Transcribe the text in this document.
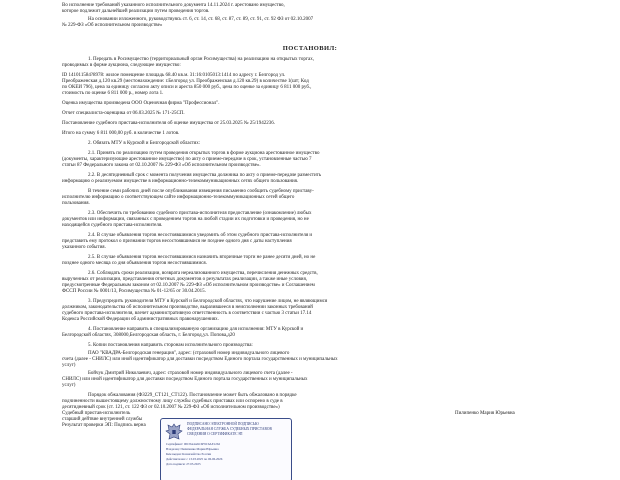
Во исполнение требований указанного исполнительного документа 14.11.2024 г. арестовано имущество,
которое подлежит дальнейшей реализации путем проведения торгов.
На основании изложенного, руководствуясь ст. 6, ст. 14, ст. 68, ст. 87, ст. 89, ст. 91, ст. 92 ФЗ от 02.10.2007
№ 229-ФЗ «Об исполнительном производстве»
ПОСТАНОВИЛ:
1. Передать в Росимущество (территориальный орган Росимущества) на реализацию на открытых торгах,
проводимых в форме аукциона, следующее имущество:
ID 141011584?8978: жилое помещение площадь 68.40 кв.м. 31:16:0105013:1414 по адресу г. Белгород ул.
Преображенская д.120 кв.29 (местонахождение: г.Белгород ул. Преображенская д.120 кв.29) в количестве 1(шт; Код
по ОКЕИ 796), цена за единицу согласно акту описи и ареста 850 000 руб., цена по оценке за единицу 6 811 000 руб.,
стоимость по оценке 6 811 000 р., номер лота 1.
Оценка имущества произведена ООО Оценочная фирма "Профессионал".
Отчет специалиста-оценщика от 06.03.2025 № 171-25СП.
Постановление судебного пристава-исполнителя об оценке имущества от 25.03.2025 № 25/1942236.
Итого на сумму 6 811 000,00 руб. в количестве 1 лотов.
2. Обязать МТУ в Курской и Белгородской областях:
2.1. Принять по реализацию путем проведения открытых торгов в форме аукциона арестованное имущество
(документы, характеризующие арестованное имущество) по акту о приеме-передаче в срок, установленные частью 7
статьи 87 Федерального закона от 02.10.2007 № 229-ФЗ «Об исполнительном производстве».
2.2. В десятидневный срок с момента получения имущества должника по акту о приеме-передаче разместить
информацию о реализуемом имуществе в информационно-телекоммуникационных сетях общего пользования.
В течение семи рабочих дней после опубликования извещения письменно сообщить судебному приставу-
исполнителю информацию о соответствующем сайте информационно-телекоммуникационных сетей общего
пользования.
2.3. Обеспечить по требованию судебного пристава-исполнителя предоставление (ознакомление) любых
документов или информации, связанных с проведением торгов на любой стадии их подготовки и проведения, но не
находящейся судебного пристава-исполнителя.
2.4. В случае объявления торгов несостоявшимися уведомить об этом судебного пристава-исполнителя и
представить ему протокол о признании торгов несостоявшимися не позднее одного дня с даты наступления
указанного события.
2.5. В случае объявления торгов несостоявшимися назначить вторичные торги не ранее десяти дней, но не
позднее одного месяца со дня объявления торгов несостоявшимися.
2.6. Соблюдать сроки реализации, возврата нереализованного имущества, перечисления денежных средств,
вырученных от реализации, представления отчетных документов о результатах реализации, а также иные условия,
предусмотренные Федеральным законом от 02.10.2007 № 229-ФЗ «Об исполнительном производстве» и Соглашением
ФССП России № 0001/13, Росимущества № 01-12/65 от 30.04.2015.
3. Предупредить руководителя МТУ в Курской и Белгородской областях, что нарушение лицом, не являющимся
должником, законодательства об исполнительном производстве, выразившееся в неисполнении законных требований
судебного пристава-исполнителя, влечет административную ответственность в соответствии с частью 3 статьи 17.14
Кодекса Российской Федерации об административных правонарушениях.
4. Постановление направить в специализированную организацию для исполнения: МТУ в Курской и
Белгородской областях, 308000,Белгородская область, г. Белгород,ул. Попова,д20
5. Копии постановления направить сторонам исполнительного производства:
ПАО "КВАДРА-Белгородская генерация", адрес: (страховой номер индивидуального лицевого
счета (далее - СНИЛС) или иной идентификатор для доставки посредством Единого портала государственных и муниципальных
услуг)
Бойчук Дмитрий Николаевич, адрес: страховой номер индивидуального лицевого счета (далее -
СНИЛС) или иной идентификатор для доставки посредством Единого портала государственных и муниципальных
услуг)
Порядок обжалования (ФЗ229_СТ121_СТ122). Постановление может быть обжаловано в порядке
подчиненности вышестоящему должностному лицу службы судебных приставах или оспорено в суде в
десятидневный срок (ст. 121, ст. 122 ФЗ от 02.10.2007 № 229-ФЗ «Об исполнительном производстве»)
Судебный пристав-исполнитель
старший дейтвие внутренней службы
Результат проверки ЭП: Подпись верна
Пилипенко Мария Юрьевна
ПОДПИСАНО ЭЛЕКТРОННОЙ ПОДПИСЬЮ
ФЕДЕРАЛЬНАЯ СЛУЖБА СУДЕБНЫХ ПРИСТАВОВ
СВЕДЕНИЯ О СЕРТИФИКАТЕ ЭП
Сертификат: 00C8A4A6C6F9C6AE1262
Владелец: Пилипенко Мария Юрьевна
Кем выдан: Казначейство России
Действителен: с 13.03.2025 по 06.06.2026
Дата подписи: 27.03.2025
